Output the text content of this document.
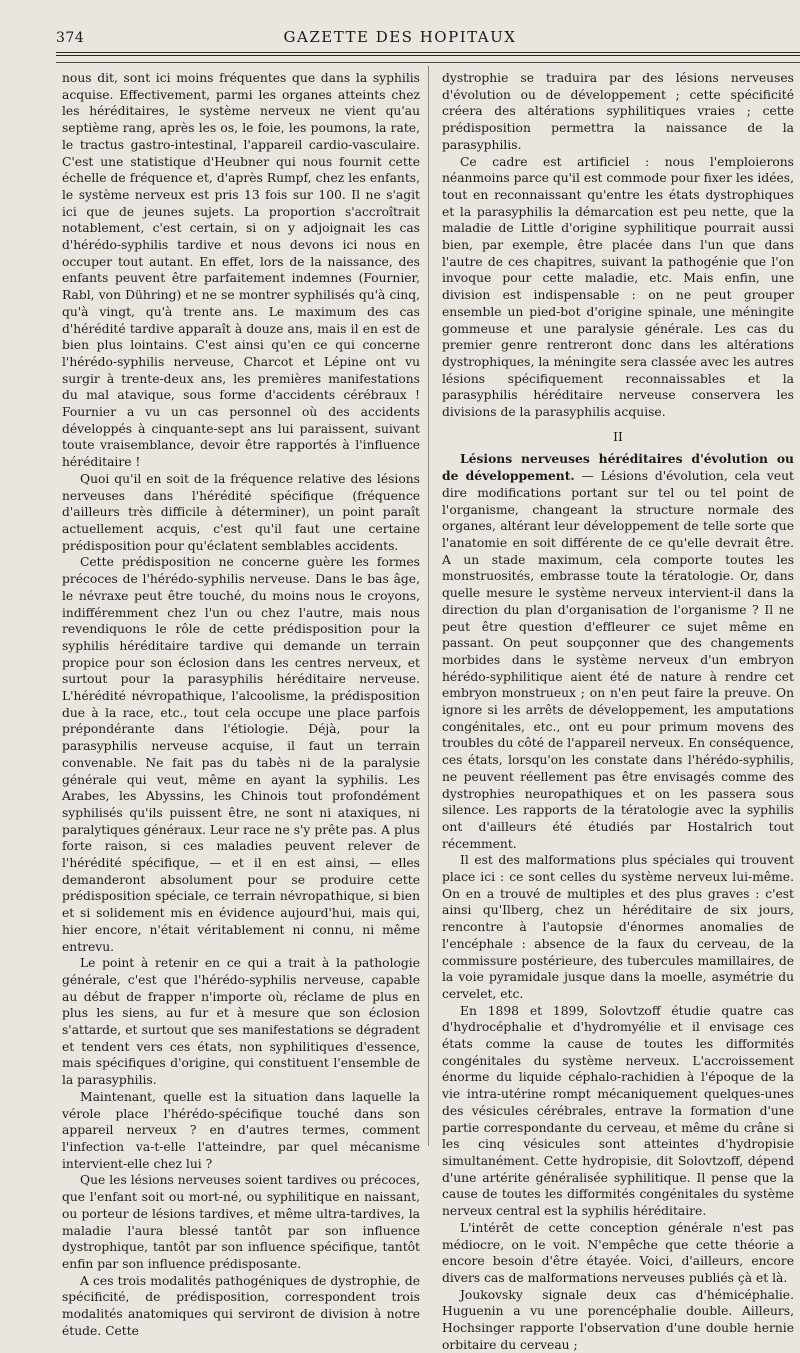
374	GAZETTE DES HOPITAUX

nous dit, sont ici moins fréquentes que dans la syphilis acquise. Effectivement, parmi les organes atteints chez les héréditaires, le système nerveux ne vient qu'au septième rang, après les os, le foie, les poumons, la rate, le tractus gastro-intestinal, l'appareil cardio-vasculaire. C'est une statistique d'Heubner qui nous fournit cette échelle de fréquence et, d'après Rumpf, chez les enfants, le système nerveux est pris 13 fois sur 100. Il ne s'agit ici que de jeunes sujets. La proportion s'accroîtrait notablement, c'est certain, si on y adjoignait les cas d'hérédo-syphilis tardive et nous devons ici nous en occuper tout autant. En effet, lors de la naissance, des enfants peuvent être parfaitement indemnes (Fournier, Rabl, von Dühring) et ne se montrer syphilisés qu'à cinq, qu'à vingt, qu'à trente ans. Le maximum des cas d'hérédité tardive apparaît à douze ans, mais il en est de bien plus lointains. C'est ainsi qu'en ce qui concerne l'hérédo-syphilis nerveuse, Charcot et Lépine ont vu surgir à trente-deux ans, les premières manifestations du mal atavique, sous forme d'accidents cérébraux ! Fournier a vu un cas personnel où des accidents développés à cinquante-sept ans lui paraissent, suivant toute vraisemblance, devoir être rapportés à l'influence héréditaire !

Quoi qu'il en soit de la fréquence relative des lésions nerveuses dans l'hérédité spécifique (fréquence d'ailleurs très difficile à déterminer), un point paraît actuellement acquis, c'est qu'il faut une certaine prédisposition pour qu'éclatent semblables accidents.

Cette prédisposition ne concerne guère les formes précoces de l'hérédo-syphilis nerveuse. Dans le bas âge, le névraxe peut être touché, du moins nous le croyons, indifféremment chez l'un ou chez l'autre, mais nous revendiquons le rôle de cette prédisposition pour la syphilis héréditaire tardive qui demande un terrain propice pour son éclosion dans les centres nerveux, et surtout pour la parasyphilis héréditaire nerveuse. L'hérédité névropathique, l'alcoolisme, la prédisposition due à la race, etc., tout cela occupe une place parfois prépondérante dans l'étiologie. Déjà, pour la parasyphilis nerveuse acquise, il faut un terrain convenable. Ne fait pas du tabès ni de la paralysie générale qui veut, même en ayant la syphilis. Les Arabes, les Abyssins, les Chinois tout profondément syphilisés qu'ils puissent être, ne sont ni ataxiques, ni paralytiques généraux. Leur race ne s'y prête pas. A plus forte raison, si ces maladies peuvent relever de l'hérédité spécifique, — et il en est ainsi, — elles demanderont absolument pour se produire cette prédisposition spéciale, ce terrain névropathique, si bien et si solidement mis en évidence aujourd'hui, mais qui, hier encore, n'était véritablement ni connu, ni même entrevu.

Le point à retenir en ce qui a trait à la pathologie générale, c'est que l'hérédo-syphilis nerveuse, capable au début de frapper n'importe où, réclame de plus en plus les siens, au fur et à mesure que son éclosion s'attarde, et surtout que ses manifestations se dégradent et tendent vers ces états, non syphilitiques d'essence, mais spécifiques d'origine, qui constituent l'ensemble de la parasyphilis.

Maintenant, quelle est la situation dans laquelle la vérole place l'hérédo-spécifique touché dans son appareil nerveux ? en d'autres termes, comment l'infection va-t-elle l'atteindre, par quel mécanisme intervient-elle chez lui ?

Que les lésions nerveuses soient tardives ou précoces, que l'enfant soit ou mort-né, ou syphilitique en naissant, ou porteur de lésions tardives, et même ultra-tardives, la maladie l'aura blessé tantôt par son influence dystrophique, tantôt par son influence spécifique, tantôt enfin par son influence prédisposante.

A ces trois modalités pathogéniques de dystrophie, de spécificité, de prédisposition, correspondent trois modalités anatomiques qui serviront de division à notre étude. Cette

dystrophie se traduira par des lésions nerveuses d'évolution ou de développement ; cette spécificité créera des altérations syphilitiques vraies ; cette prédisposition permettra la naissance de la parasyphilis.

Ce cadre est artificiel : nous l'emploierons néanmoins parce qu'il est commode pour fixer les idées, tout en reconnaissant qu'entre les états dystrophiques et la parasyphilis la démarcation est peu nette, que la maladie de Little d'origine syphilitique pourrait aussi bien, par exemple, être placée dans l'un que dans l'autre de ces chapitres, suivant la pathogénie que l'on invoque pour cette maladie, etc. Mais enfin, une division est indispensable : on ne peut grouper ensemble un pied-bot d'origine spinale, une méningite gommeuse et une paralysie générale. Les cas du premier genre rentreront donc dans les altérations dystrophiques, la méningite sera classée avec les autres lésions spécifiquement reconnaissables et la parasyphilis héréditaire nerveuse conservera les divisions de la parasyphilis acquise.

II

Lésions nerveuses héréditaires d'évolution ou de développement. — Lésions d'évolution, cela veut dire modifications portant sur tel ou tel point de l'organisme, changeant la structure normale des organes, altérant leur développement de telle sorte que l'anatomie en soit différente de ce qu'elle devrait être. A un stade maximum, cela comporte toutes les monstruosités, embrasse toute la tératologie. Or, dans quelle mesure le système nerveux intervient-il dans la direction du plan d'organisation de l'organisme ? Il ne peut être question d'effleurer ce sujet même en passant. On peut soupçonner que des changements morbides dans le système nerveux d'un embryon hérédo-syphilitique aient été de nature à rendre cet embryon monstrueux ; on n'en peut faire la preuve. On ignore si les arrêts de développement, les amputations congénitales, etc., ont eu pour primum movens des troubles du côté de l'appareil nerveux. En conséquence, ces états, lorsqu'on les constate dans l'hérédo-syphilis, ne peuvent réellement pas être envisagés comme des dystrophies neuropathiques et on les passera sous silence. Les rapports de la tératologie avec la syphilis ont d'ailleurs été étudiés par Hostalrich tout récemment.

Il est des malformations plus spéciales qui trouvent place ici : ce sont celles du système nerveux lui-même. On en a trouvé de multiples et des plus graves : c'est ainsi qu'Ilberg, chez un héréditaire de six jours, rencontre à l'autopsie d'énormes anomalies de l'encéphale : absence de la faux du cerveau, de la commissure postérieure, des tubercules mamillaires, de la voie pyramidale jusque dans la moelle, asymétrie du cervelet, etc.

En 1898 et 1899, Solovtzoff étudie quatre cas d'hydrocéphalie et d'hydromyélie et il envisage ces états comme la cause de toutes les difformités congénitales du système nerveux. L'accroissement énorme du liquide céphalo-rachidien à l'époque de la vie intra-utérine rompt mécaniquement quelques-unes des vésicules cérébrales, entrave la formation d'une partie correspondante du cerveau, et même du crâne si les cinq vésicules sont atteintes d'hydropisie simultanément. Cette hydropisie, dit Solovtzoff, dépend d'une artérite généralisée syphilitique. Il pense que la cause de toutes les difformités congénitales du système nerveux central est la syphilis héréditaire.

L'intérêt de cette conception générale n'est pas médiocre, on le voit. N'empêche que cette théorie a encore besoin d'être étayée. Voici, d'ailleurs, encore divers cas de malformations nerveuses publiés çà et là.

Joukovsky signale deux cas d'hémicéphalie. Huguenin a vu une porencéphalie double. Ailleurs, Hochsinger rapporte l'observation d'une double hernie orbitaire du cerveau ;
